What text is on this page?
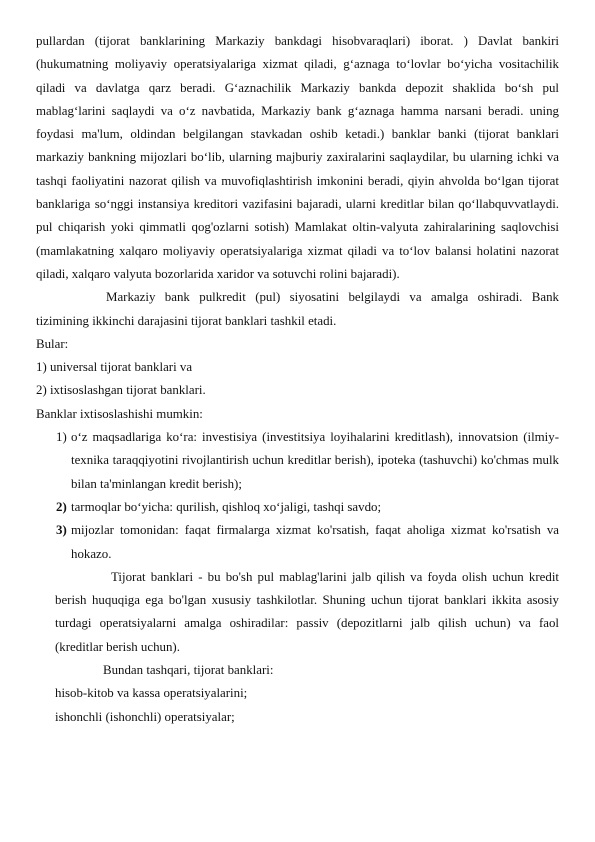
pullardan (tijorat banklarining Markaziy bankdagi hisobvaraqlari) iborat. ) Davlat bankiri (hukumatning moliyaviy operatsiyalariga xizmat qiladi, g‘aznaga to‘lovlar bo‘yicha vositachilik qiladi va davlatga qarz beradi. G‘aznachilik Markaziy bankda depozit shaklida bo‘sh pul mablag‘larini saqlaydi va o‘z navbatida, Markaziy bank g‘aznaga hamma narsani beradi. uning foydasi ma'lum, oldindan belgilangan stavkadan oshib ketadi.) banklar banki (tijorat banklari markaziy bankning mijozlari bo‘lib, ularning majburiy zaxiralarini saqlaydilar, bu ularning ichki va tashqi faoliyatini nazorat qilish va muvofiqlashtirish imkonini beradi, qiyin ahvolda bo‘lgan tijorat banklariga so‘nggi instansiya kreditori vazifasini bajaradi, ularni kreditlar bilan qo‘llabquvvatlaydi. pul chiqarish yoki qimmatli qog'ozlarni sotish) Mamlakat oltin-valyuta zahiralarining saqlovchisi (mamlakatning xalqaro moliyaviy operatsiyalariga xizmat qiladi va to‘lov balansi holatini nazorat qiladi, xalqaro valyuta bozorlarida xaridor va sotuvchi rolini bajaradi).

Markaziy bank pulkredit (pul) siyosatini belgilaydi va amalga oshiradi. Bank tizimining ikkinchi darajasini tijorat banklari tashkil etadi.

Bular:

1) universal tijorat banklari va

2) ixtisoslashgan tijorat banklari.

Banklar ixtisoslashishi mumkin:

1) o‘z maqsadlariga ko‘ra: investisiya (investitsiya loyihalarini kreditlash), innovatsion (ilmiy-texnika taraqqiyotini rivojlantirish uchun kreditlar berish), ipoteka (tashuvchi) ko'chmas mulk bilan ta'minlangan kredit berish);
2) tarmoqlar bo‘yicha: qurilish, qishloq xo‘jaligi, tashqi savdo;
3) mijozlar tomonidan: faqat firmalarga xizmat ko'rsatish, faqat aholiga xizmat ko'rsatish va hokazo.

Tijorat banklari - bu bo'sh pul mablag'larini jalb qilish va foyda olish uchun kredit berish huquqiga ega bo'lgan xususiy tashkilotlar. Shuning uchun tijorat banklari ikkita asosiy turdagi operatsiyalarni amalga oshiradilar: passiv (depozitlarni jalb qilish uchun) va faol (kreditlar berish uchun).

Bundan tashqari, tijorat banklari:

hisob-kitob va kassa operatsiyalarini;

ishonchli (ishonchli) operatsiyalar;
